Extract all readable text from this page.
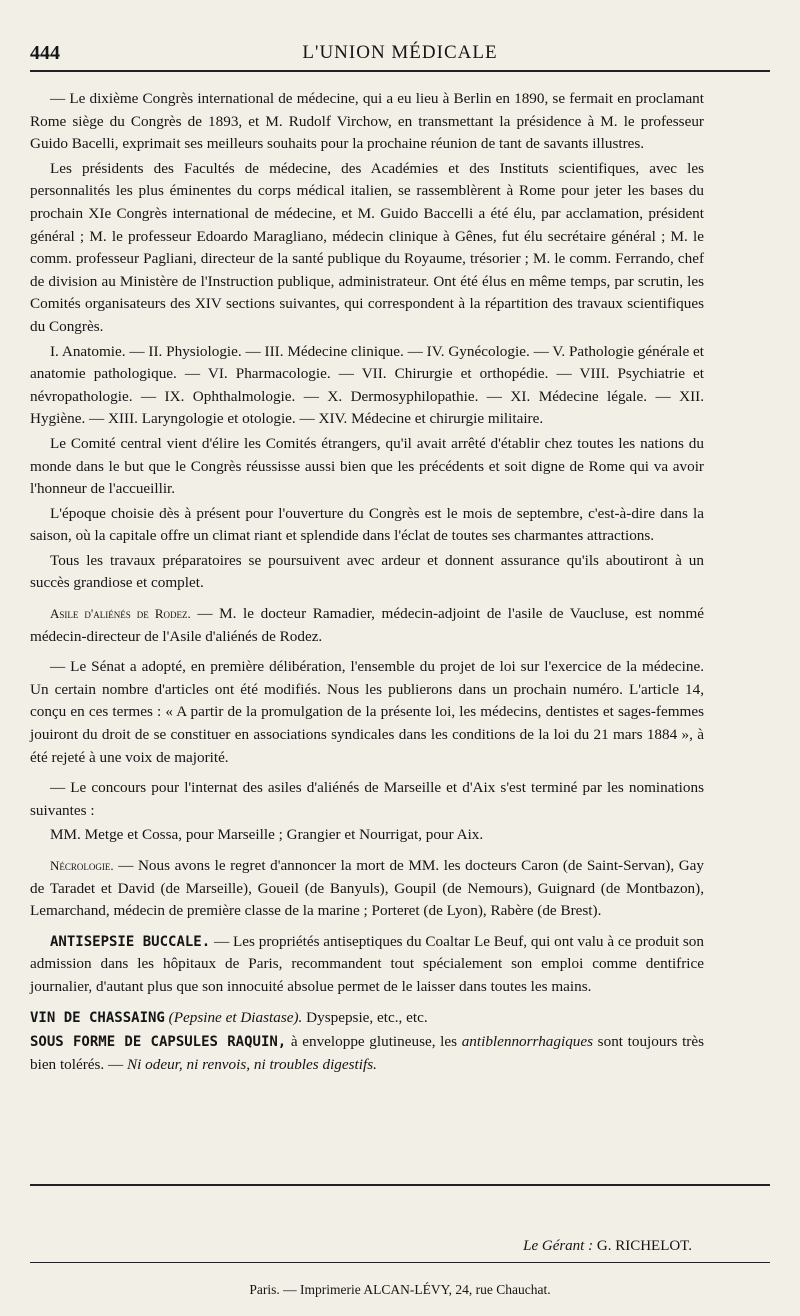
444	L'UNION MÉDICALE

— Le dixième Congrès international de médecine, qui a eu lieu à Berlin en 1890, se fermait en proclamant Rome siège du Congrès de 1893, et M. Rudolf Virchow, en transmettant la présidence à M. le professeur Guido Bacelli, exprimait ses meilleurs souhaits pour la prochaine réunion de tant de savants illustres.

Les présidents des Facultés de médecine, des Académies et des Instituts scientifiques, avec les personnalités les plus éminentes du corps médical italien, se rassemblèrent à Rome pour jeter les bases du prochain XIe Congrès international de médecine, et M. Guido Baccelli a été élu, par acclamation, président général ; M. le professeur Edoardo Maragliano, médecin clinique à Gênes, fut élu secrétaire général ; M. le comm. professeur Pagliani, directeur de la santé publique du Royaume, trésorier ; M. le comm. Ferrando, chef de division au Ministère de l'Instruction publique, administrateur. Ont été élus en même temps, par scrutin, les Comités organisateurs des XIV sections suivantes, qui correspondent à la répartition des travaux scientifiques du Congrès.

I. Anatomie. — II. Physiologie. — III. Médecine clinique. — IV. Gynécologie. — V. Pathologie générale et anatomie pathologique. — VI. Pharmacologie. — VII. Chirurgie et orthopédie. — VIII. Psychiatrie et névropathologie. — IX. Ophthalmologie. — X. Dermosyphilopathie. — XI. Médecine légale. — XII. Hygiène. — XIII. Laryngologie et otologie. — XIV. Médecine et chirurgie militaire.

Le Comité central vient d'élire les Comités étrangers, qu'il avait arrêté d'établir chez toutes les nations du monde dans le but que le Congrès réussisse aussi bien que les précédents et soit digne de Rome qui va avoir l'honneur de l'accueillir.

L'époque choisie dès à présent pour l'ouverture du Congrès est le mois de septembre, c'est-à-dire dans la saison, où la capitale offre un climat riant et splendide dans l'éclat de toutes ses charmantes attractions.

Tous les travaux préparatoires se poursuivent avec ardeur et donnent assurance qu'ils aboutiront à un succès grandiose et complet.

Asile d'aliénés de Rodez. — M. le docteur Ramadier, médecin-adjoint de l'asile de Vaucluse, est nommé médecin-directeur de l'Asile d'aliénés de Rodez.

— Le Sénat a adopté, en première délibération, l'ensemble du projet de loi sur l'exercice de la médecine. Un certain nombre d'articles ont été modifiés. Nous les publierons dans un prochain numéro. L'article 14, conçu en ces termes : « A partir de la promulgation de la présente loi, les médecins, dentistes et sages-femmes jouiront du droit de se constituer en associations syndicales dans les conditions de la loi du 21 mars 1884 », à été rejeté à une voix de majorité.

— Le concours pour l'internat des asiles d'aliénés de Marseille et d'Aix s'est terminé par les nominations suivantes :

MM. Metge et Cossa, pour Marseille ; Grangier et Nourrigat, pour Aix.

Nécrologie. — Nous avons le regret d'annoncer la mort de MM. les docteurs Caron (de Saint-Servan), Gay de Taradet et David (de Marseille), Goueil (de Banyuls), Goupil (de Nemours), Guignard (de Montbazon), Lemarchand, médecin de première classe de la marine ; Porteret (de Lyon), Rabère (de Brest).

ANTISEPSIE BUCCALE. — Les propriétés antiseptiques du Coaltar Le Beuf, qui ont valu à ce produit son admission dans les hôpitaux de Paris, recommandent tout spécialement son emploi comme dentifrice journalier, d'autant plus que son innocuité absolue permet de le laisser dans toutes les mains.

VIN DE CHASSAING (Pepsine et Diastase). Dyspepsie, etc., etc.

SOUS FORME DE CAPSULES RAQUIN, à enveloppe glutineuse, les antiblennorrhagiques sont toujours très bien tolérés. — Ni odeur, ni renvois, ni troubles digestifs.

Le Gérant : G. RICHELOT.
Paris. — Imprimerie ALCAN-LÉVY, 24, rue Chauchat.
